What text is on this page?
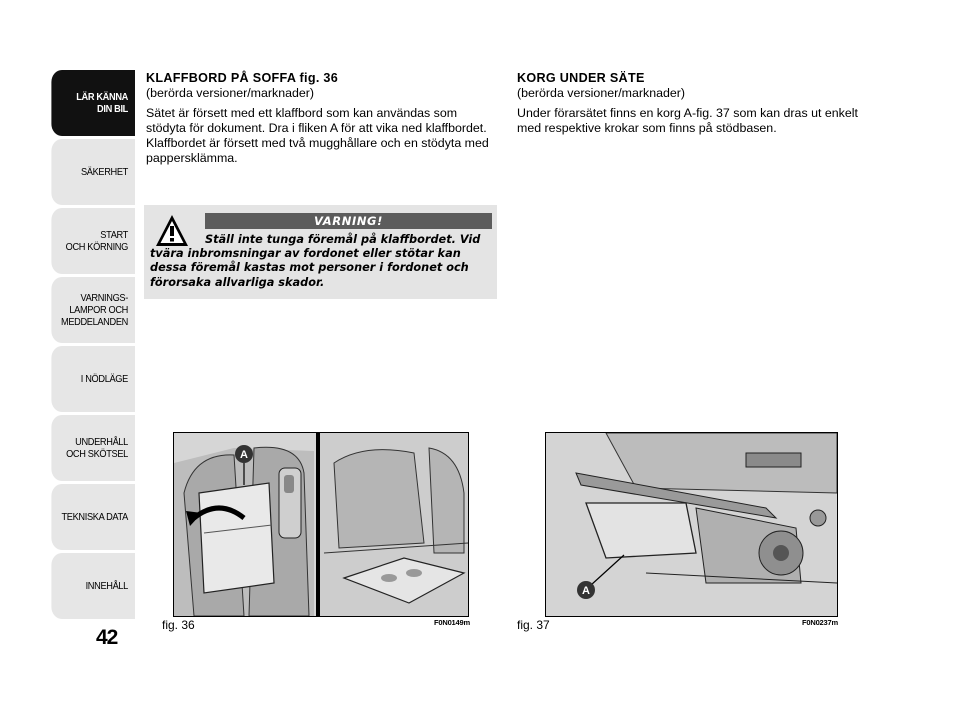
LÄR KÄNNA
DIN BIL
SÄKERHET
START
OCH KÖRNING
VARNINGS-
LAMPOR OCH
MEDDELANDEN
I NÖDLÄGE
UNDERHÅLL
OCH SKÖTSEL
TEKNISKA DATA
INNEHÅLL
42
KLAFFBORD PÅ SOFFA fig. 36
(berörda versioner/marknader)

Sätet är försett med ett klaffbord som kan användas som stödyta för dokument. Dra i fliken A för att vika ned klaffbordet. Klaffbordet är försett med två mugghållare och en stödyta med pappersklämma.

VARNING!
Ställ inte tunga föremål på klaffbordet. Vid tvära inbromsningar av fordonet eller stötar kan dessa föremål kastas mot personer i fordonet och förorsaka allvarliga skador.
KORG UNDER SÄTE
(berörda versioner/marknader)

Under förarsätet finns en korg A-fig. 37 som kan dras ut enkelt med respektive krokar som finns på stödbasen.

A
fig. 36	F0N0149m
A
fig. 37	F0N0237m
